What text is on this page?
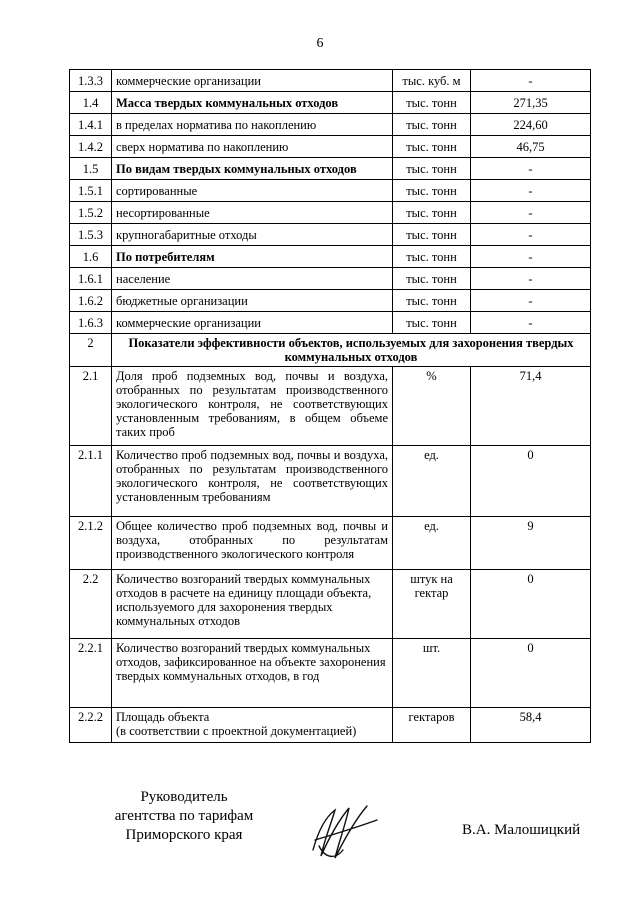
6
1.3.3	коммерческие организации	тыс. куб. м	-
1.4	Масса твердых коммунальных отходов	тыс. тонн	271,35
1.4.1	в пределах норматива по накоплению	тыс. тонн	224,60
1.4.2	сверх норматива по накоплению	тыс. тонн	46,75
1.5	По видам твердых коммунальных отходов	тыс. тонн	-
1.5.1	сортированные	тыс. тонн	-
1.5.2	несортированные	тыс. тонн	-
1.5.3	крупногабаритные отходы	тыс. тонн	-
1.6	По потребителям	тыс. тонн	-
1.6.1	население	тыс. тонн	-
1.6.2	бюджетные организации	тыс. тонн	-
1.6.3	коммерческие организации	тыс. тонн	-
2	Показатели эффективности объектов, используемых для захоронения твердых коммунальных отходов		
2.1	Доля проб подземных вод, почвы и воздуха, отобранных по результатам производственного экологического контроля, не соответствующих установленным требованиям, в общем объеме таких проб	%	71,4
2.1.1	Количество проб подземных вод, почвы и воздуха, отобранных по результатам производственного экологического контроля, не соответствующих установленным требованиям	ед.	0
2.1.2	Общее количество проб подземных вод, почвы и воздуха, отобранных по результатам производственного экологического контроля	ед.	9
2.2	Количество возгораний твердых коммунальных отходов в расчете на единицу площади объекта, используемого для захоронения твердых коммунальных отходов	штук на гектар	0
2.2.1	Количество возгораний твердых коммунальных отходов, зафиксированное на объекте захоронения твердых коммунальных отходов, в год	шт.	0
2.2.2	Площадь объекта
(в соответствии с проектной документацией)	гектаров	58,4
Руководитель
агентства по тарифам
Приморского края	В.А. Малошицкий
